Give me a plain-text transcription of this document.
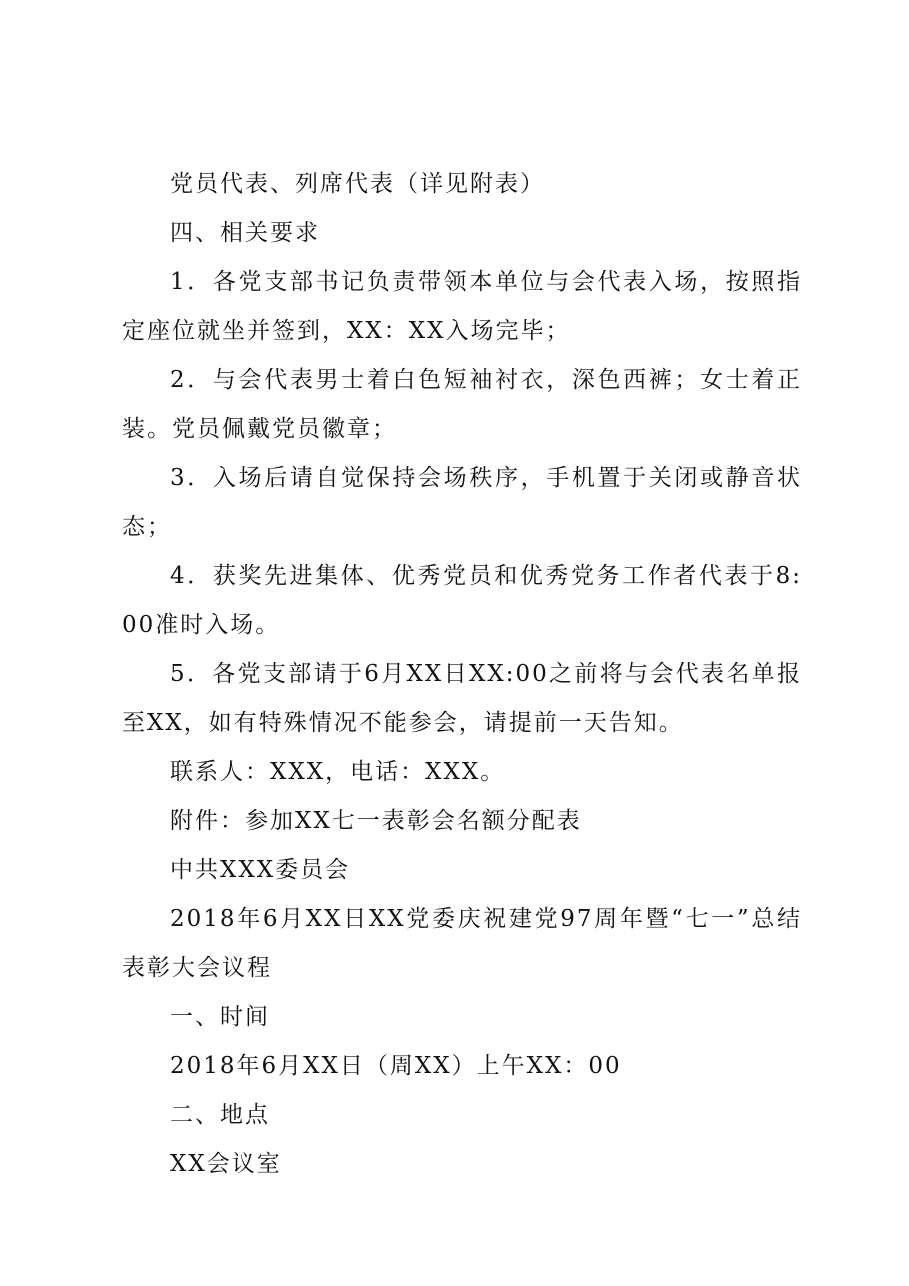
党员代表、列席代表（详见附表）

四、相关要求

1．各党支部书记负责带领本单位与会代表入场，按照指定座位就坐并签到，XX：XX入场完毕；

2．与会代表男士着白色短袖衬衣，深色西裤；女士着正装。党员佩戴党员徽章；

3．入场后请自觉保持会场秩序，手机置于关闭或静音状态；

4．获奖先进集体、优秀党员和优秀党务工作者代表于8:00准时入场。

5．各党支部请于6月XX日XX:00之前将与会代表名单报至XX，如有特殊情况不能参会，请提前一天告知。

联系人：XXX，电话：XXX。

附件：参加XX七一表彰会名额分配表

中共XXX委员会

2018年6月XX日XX党委庆祝建党97周年暨“七一”总结表彰大会议程

一、时间

2018年6月XX日（周XX）上午XX：00

二、地点

XX会议室
